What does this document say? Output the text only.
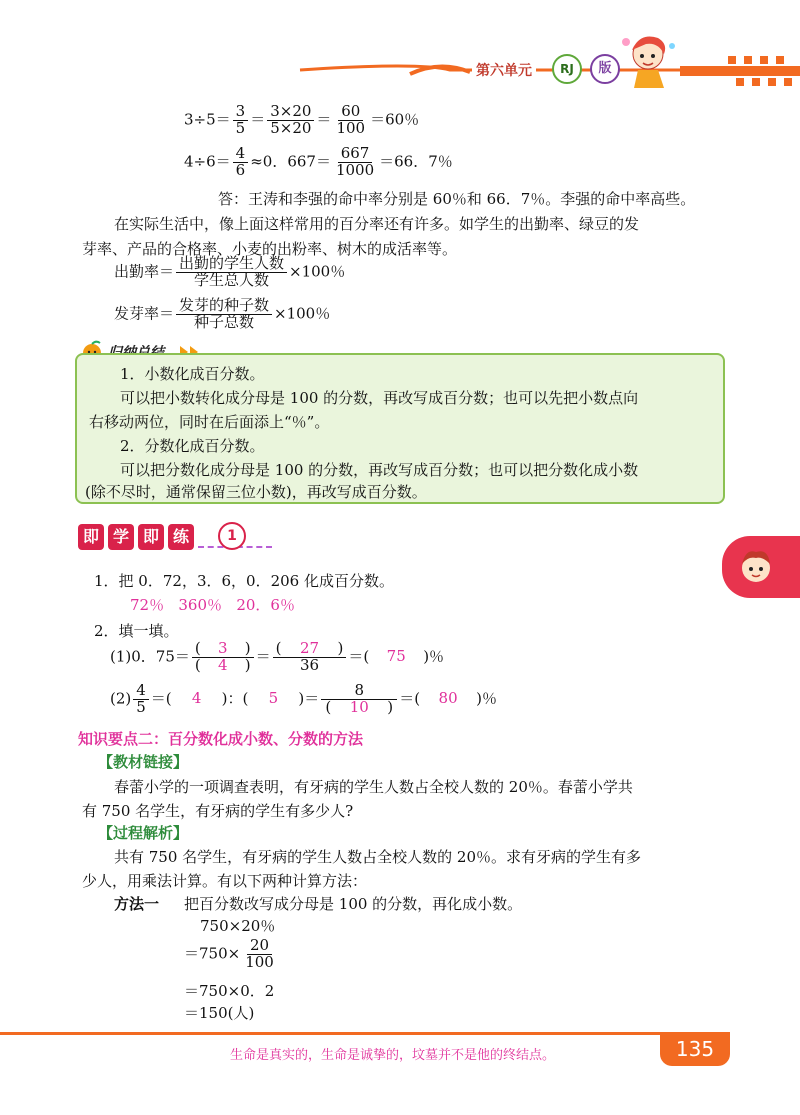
第六单元	RJ	版
$3\div 5= \frac{3}{5} = \frac{3\times 20}{5\times 20} = \frac{60}{100} =60$％
$4\div 6= \frac{4}{6} \approx 0$．$667= \frac{667}{1000} =66$．7％
答：王涛和李强的命中率分别是 60％和 66．7％。李强的命中率高些。
在实际生活中，像上面这样常用的百分率还有许多。如学生的出勤率、绿豆的发
芽率、产品的合格率、小麦的出粉率、树木的成活率等。
出勤率＝ $\frac{\text{出勤的学生人数}}{\text{学生总人数}} \times 100$％
发芽率＝ $\frac{\text{发芽的种子数}}{\text{种子总数}} \times 100$％
1．小数化成百分数。
可以把小数转化成分母是 100 的分数，再改写成百分数；也可以先把小数点向
右移动两位，同时在后面添上“％”。
2．分数化成百分数。
可以把分数化成分母是 100 的分数，再改写成百分数；也可以把分数化成小数
(除不尽时，通常保留三位小数)，再改写成百分数。
即 学 即 练	1
1．把 0．72，3．6，0．206 化成百分数。
72％   360％   20．6％
2．填一填。
(1)0．$75= \frac{( 3 )}{( 4 )} = \frac{( 27 )}{36}$ ＝( 75 )％
$(2) \frac{4}{5}$ ＝( 4 )：( 5 )＝ $\frac{8}{( 10 )}$ ＝( 80 )％
知识要点二：百分数化成小数、分数的方法
【教材链接】
春蕾小学的一项调查表明，有牙病的学生人数占全校人数的 20％。春蕾小学共
有 750 名学生，有牙病的学生有多少人?
【过程解析】
共有 750 名学生，有牙病的学生人数占全校人数的 20％。求有牙病的学生有多
少人，用乘法计算。有以下两种计算方法：
方法一 把百分数改写成分母是 100 的分数，再化成小数。
750×20％
$=750\times \frac{20}{100}$
＝750×0．2
＝150(人)
生命是真实的，生命是诚挚的，坟墓并不是他的终结点。	135
